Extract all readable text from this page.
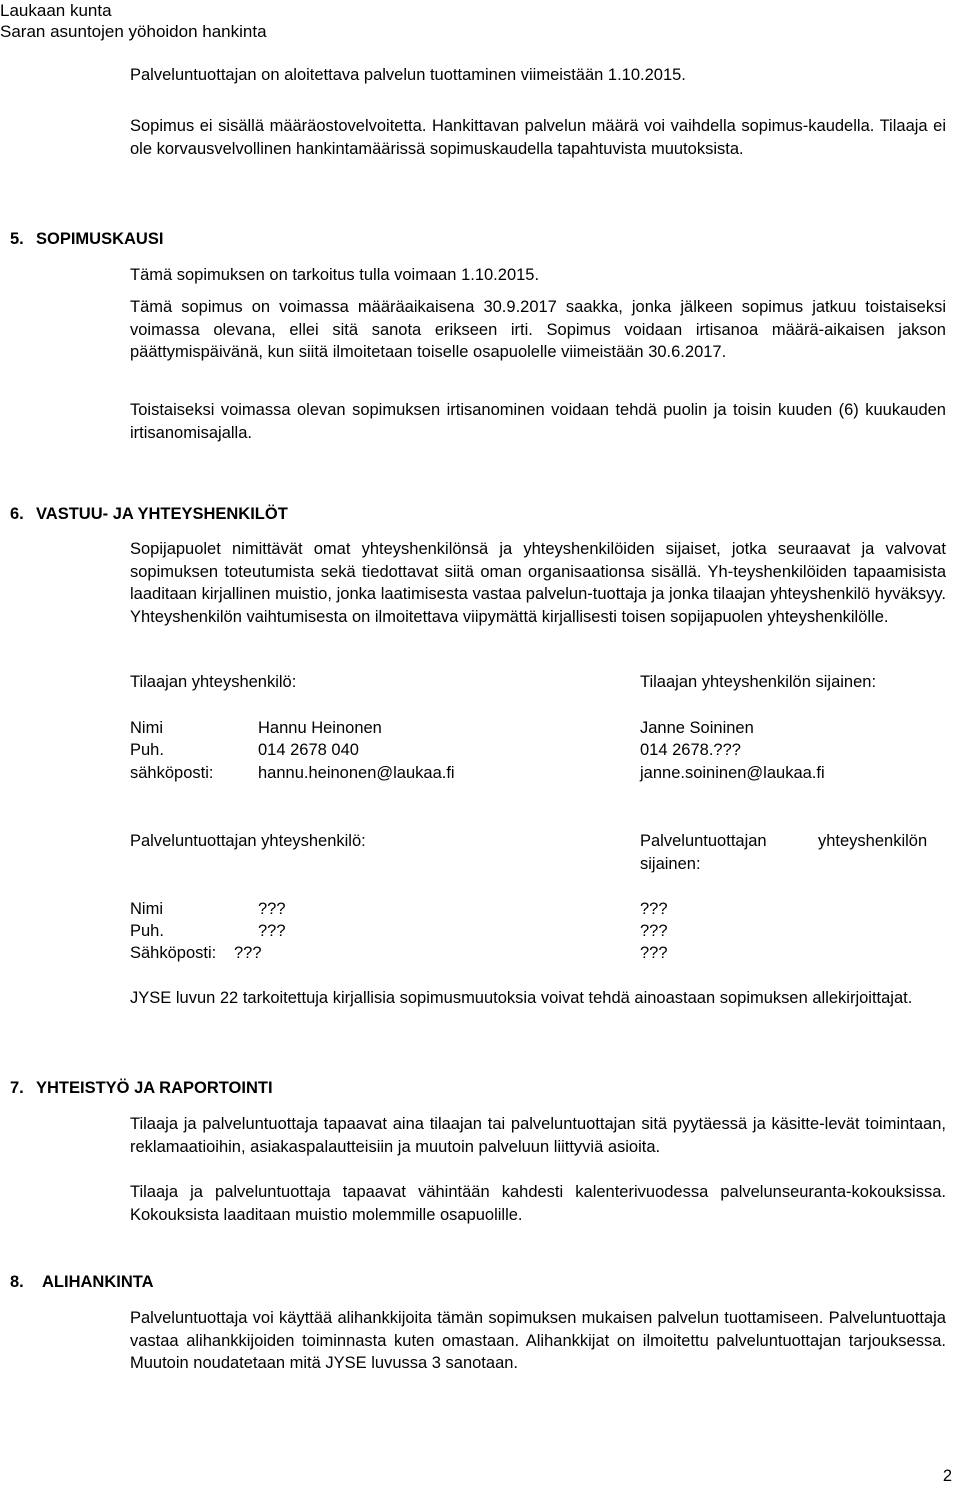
Laukaan kunta
Saran asuntojen yöhoidon hankinta

Palveluntuottajan on aloitettava palvelun tuottaminen viimeistään 1.10.2015.

Sopimus ei sisällä määräostovelvoitetta. Hankittavan palvelun määrä voi vaihdella sopimus-kaudella. Tilaaja ei ole korvausvelvollinen hankintamäärissä sopimuskaudella tapahtuvista muutoksista.

5. SOPIMUSKAUSI

Tämä sopimuksen on tarkoitus tulla voimaan 1.10.2015.

Tämä sopimus on voimassa määräaikaisena 30.9.2017 saakka, jonka jälkeen sopimus jatkuu toistaiseksi voimassa olevana, ellei sitä sanota erikseen irti. Sopimus voidaan irtisanoa määrä-aikaisen jakson päättymispäivänä, kun siitä ilmoitetaan toiselle osapuolelle viimeistään 30.6.2017.

Toistaiseksi voimassa olevan sopimuksen irtisanominen voidaan tehdä puolin ja toisin kuuden (6) kuukauden irtisanomisajalla.

6. VASTUU- JA YHTEYSHENKILÖT

Sopijapuolet nimittävät omat yhteyshenkilönsä ja yhteyshenkilöiden sijaiset, jotka seuraavat ja valvovat sopimuksen toteutumista sekä tiedottavat siitä oman organisaationsa sisällä. Yh-teyshenkilöiden tapaamisista laaditaan kirjallinen muistio, jonka laatimisesta vastaa palvelun-tuottaja ja jonka tilaajan yhteyshenkilö hyväksyy. Yhteyshenkilön vaihtumisesta on ilmoitettava viipymättä kirjallisesti toisen sopijapuolen yhteyshenkilölle.

Tilaajan yhteyshenkilö:	Tilaajan yhteyshenkilön sijainen:
Nimi	Hannu Heinonen	Janne Soininen
Puh.	014 2678 040	014 2678.???
sähköposti:	hannu.heinonen@laukaa.fi	janne.soininen@laukaa.fi
Palveluntuottajan yhteyshenkilö:	Palveluntuottajan	yhteyshenkilön
sijainen:
Nimi	???	???
Puh.	???	???
Sähköposti: ???	???

JYSE luvun 22 tarkoitettuja kirjallisia sopimusmuutoksia voivat tehdä ainoastaan sopimuksen allekirjoittajat.

7. YHTEISTYÖ JA RAPORTOINTI

Tilaaja ja palveluntuottaja tapaavat aina tilaajan tai palveluntuottajan sitä pyytäessä ja käsitte-levät toimintaan, reklamaatioihin, asiakaspalautteisiin ja muutoin palveluun liittyviä asioita.

Tilaaja ja palveluntuottaja tapaavat vähintään kahdesti kalenterivuodessa palvelunseuranta-kokouksissa. Kokouksista laaditaan muistio molemmille osapuolille.

8. ALIHANKINTA

Palveluntuottaja voi käyttää alihankkijoita tämän sopimuksen mukaisen palvelun tuottamiseen. Palveluntuottaja vastaa alihankkijoiden toiminnasta kuten omastaan. Alihankkijat on ilmoitettu palveluntuottajan tarjouksessa. Muutoin noudatetaan mitä JYSE luvussa 3 sanotaan.

2
